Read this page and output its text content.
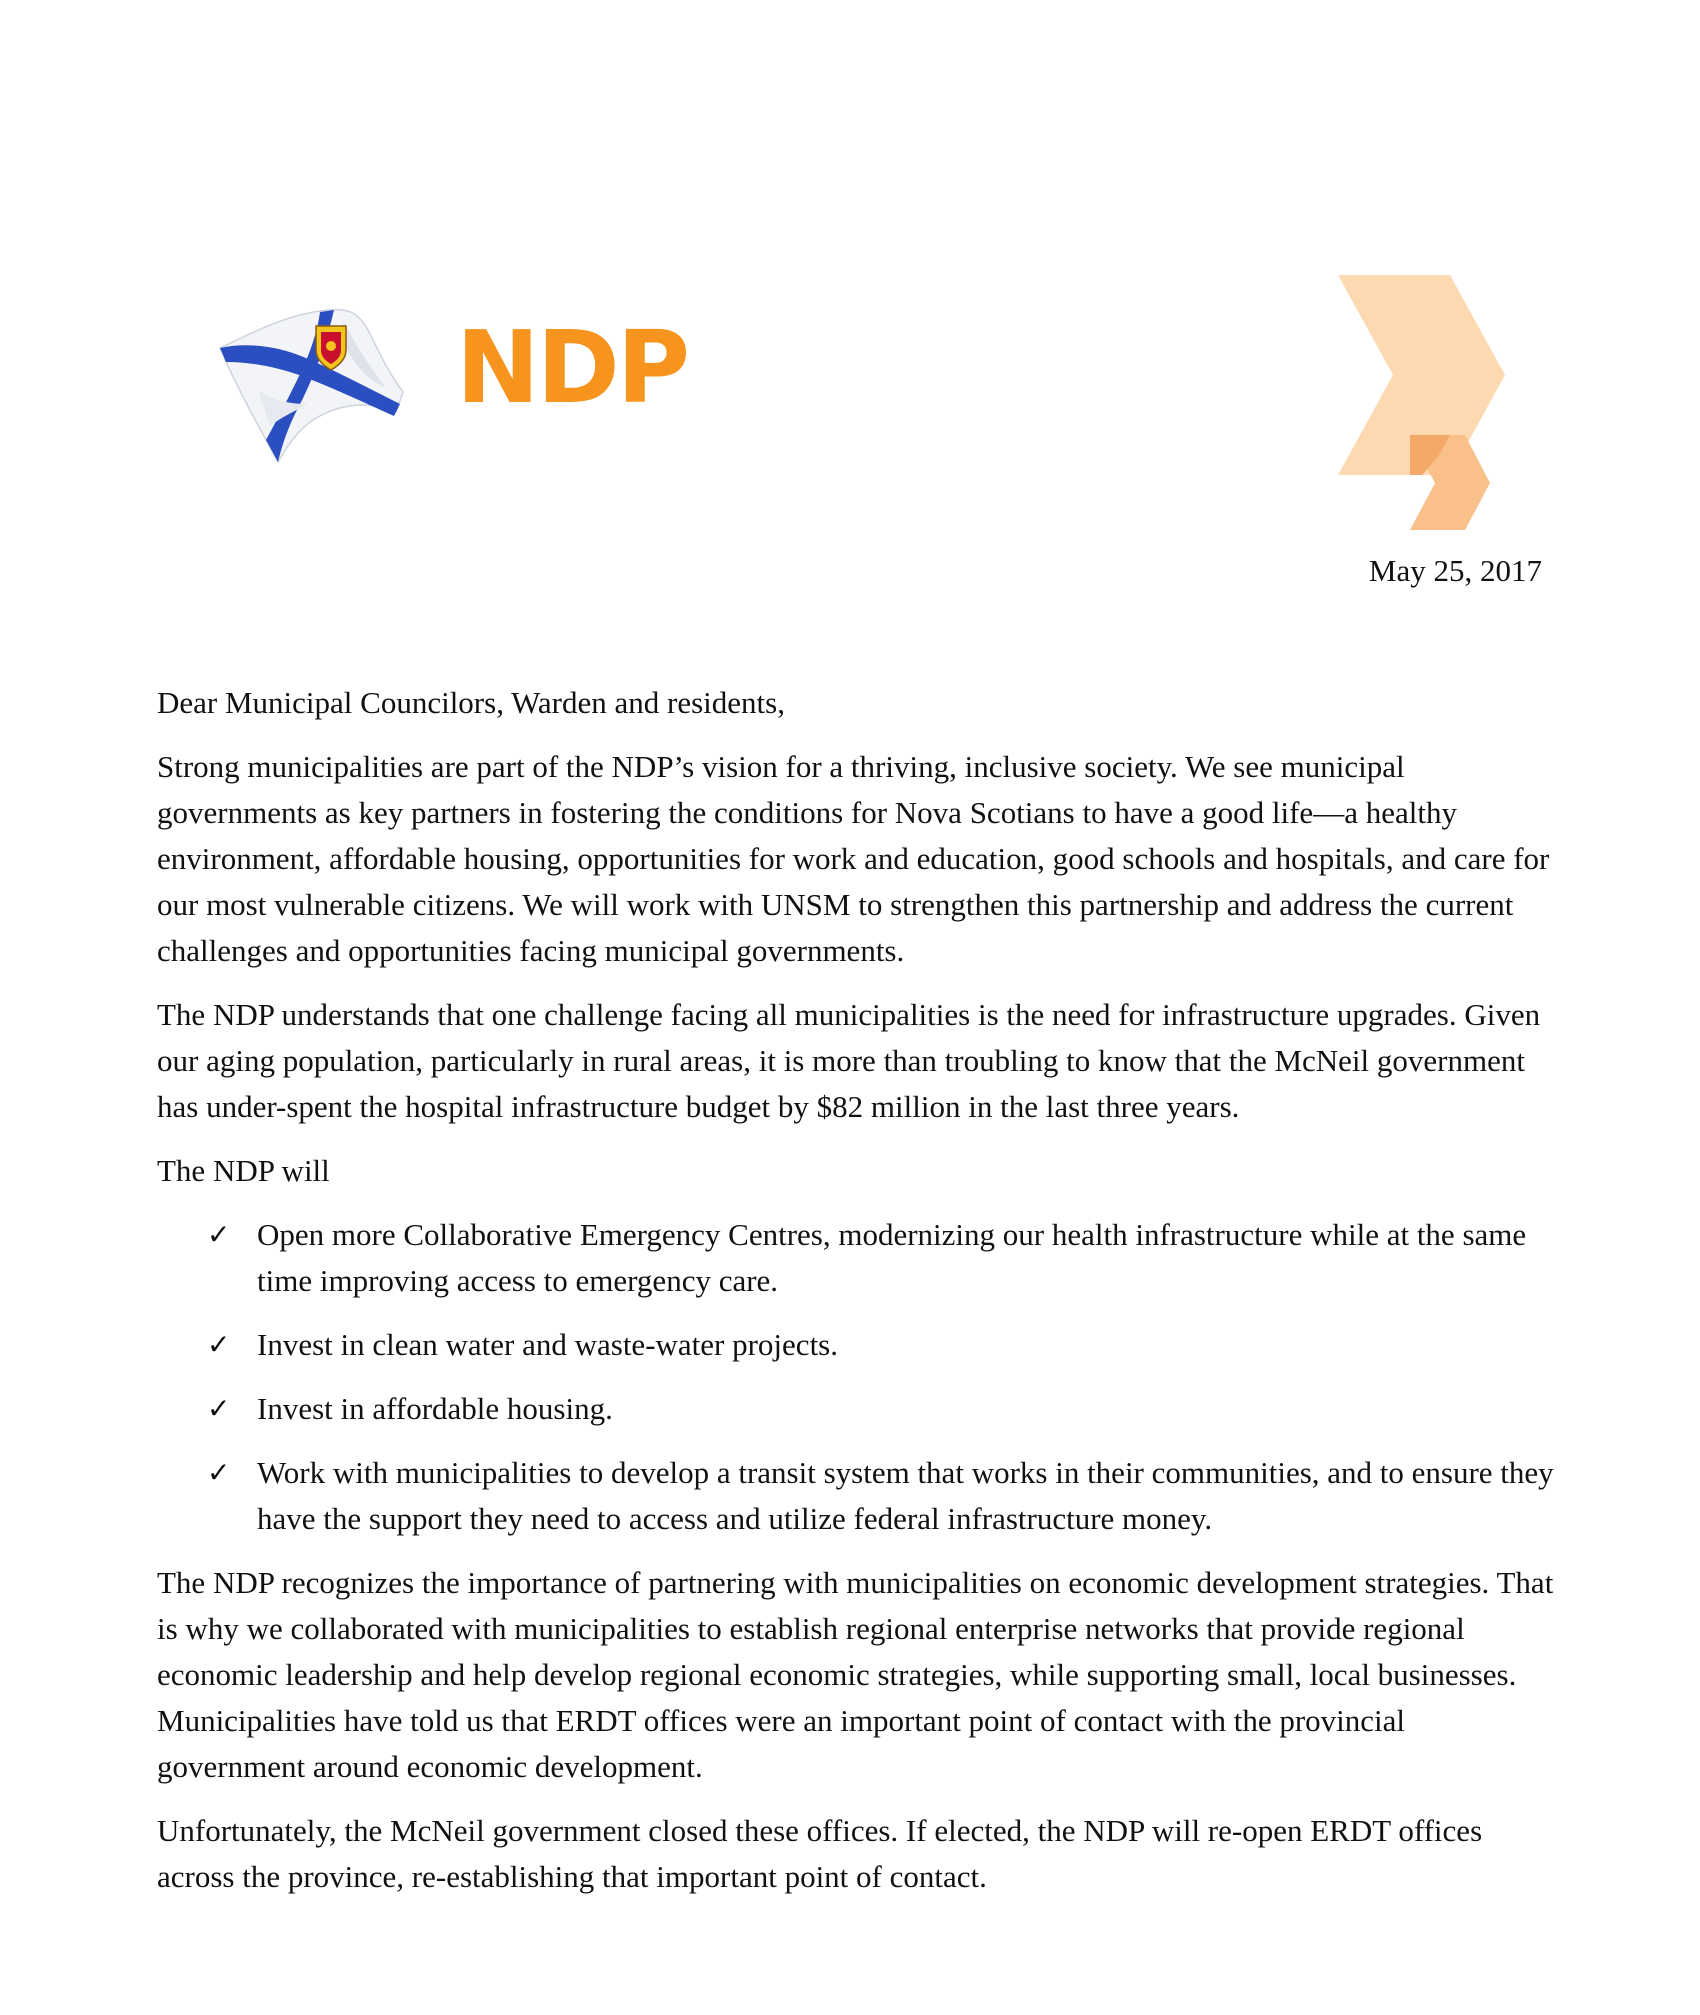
NDP
May 25, 2017

Dear Municipal Councilors, Warden and residents,

Strong municipalities are part of the NDP’s vision for a thriving, inclusive society. We see municipal governments as key partners in fostering the conditions for Nova Scotians to have a good life—a healthy environment, affordable housing, opportunities for work and education, good schools and hospitals, and care for our most vulnerable citizens. We will work with UNSM to strengthen this partnership and address the current challenges and opportunities facing municipal governments.

The NDP understands that one challenge facing all municipalities is the need for infrastructure upgrades. Given our aging population, particularly in rural areas, it is more than troubling to know that the McNeil government has under-spent the hospital infrastructure budget by $82 million in the last three years.

The NDP will

✓ Open more Collaborative Emergency Centres, modernizing our health infrastructure while at the same time improving access to emergency care.
✓ Invest in clean water and waste-water projects.
✓ Invest in affordable housing.
✓ Work with municipalities to develop a transit system that works in their communities, and to ensure they have the support they need to access and utilize federal infrastructure money.

The NDP recognizes the importance of partnering with municipalities on economic development strategies. That is why we collaborated with municipalities to establish regional enterprise networks that provide regional economic leadership and help develop regional economic strategies, while supporting small, local businesses. Municipalities have told us that ERDT offices were an important point of contact with the provincial government around economic development.

Unfortunately, the McNeil government closed these offices. If elected, the NDP will re-open ERDT offices across the province, re-establishing that important point of contact.
